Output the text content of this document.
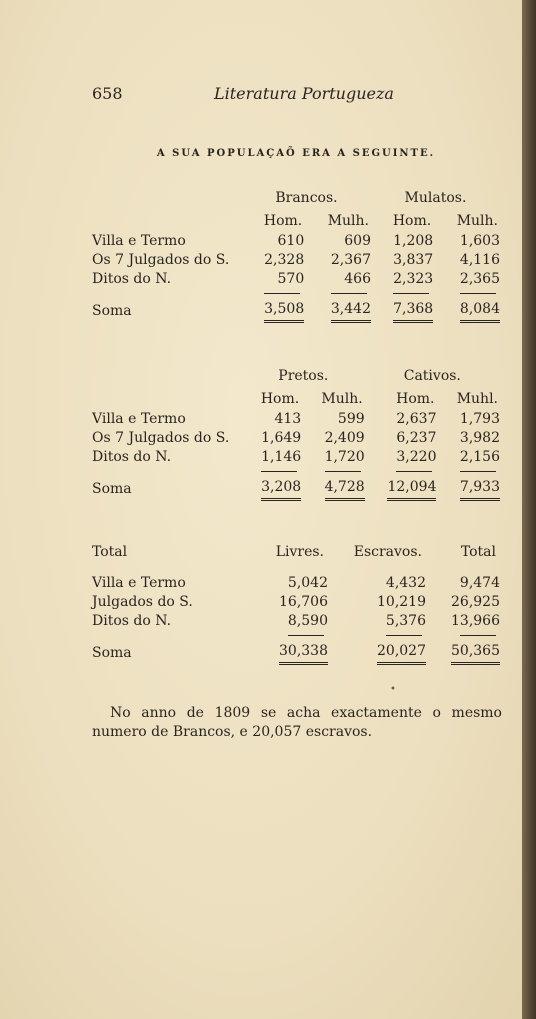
658	Literatura Portugueza
A SUA POPULAÇAÕ ERA A SEGUINTE.
	Brancos.		Mulatos.	
	Hom.	Mulh.	Hom.	Mulh.
Villa e Termo	610	609	1,208	1,603
Os 7 Julgados do S.	2,328	2,367	3,837	4,116
Ditos do N.	570	466	2,323	2,365

Soma	3,508	3,442	7,368	8,084
	Pretos.		Cativos.	
	Hom.	Mulh.	Hom.	Muhl.
Villa e Termo	413	599	2,637	1,793
Os 7 Julgados do S.	1,649	2,409	6,237	3,982
Ditos do N.	1,146	1,720	3,220	2,156

Soma	3,208	4,728	12,094	7,933
Total	Livres.	Escravos.	Total

Villa e Termo	5,042	4,432	9,474
Julgados do S.	16,706	10,219	26,925
Ditos do N.	8,590	5,376	13,966

Soma	30,338	20,027	50,365
No anno de 1809 se acha exactamente o mesmo numero de Brancos, e 20,057 escravos.
•
